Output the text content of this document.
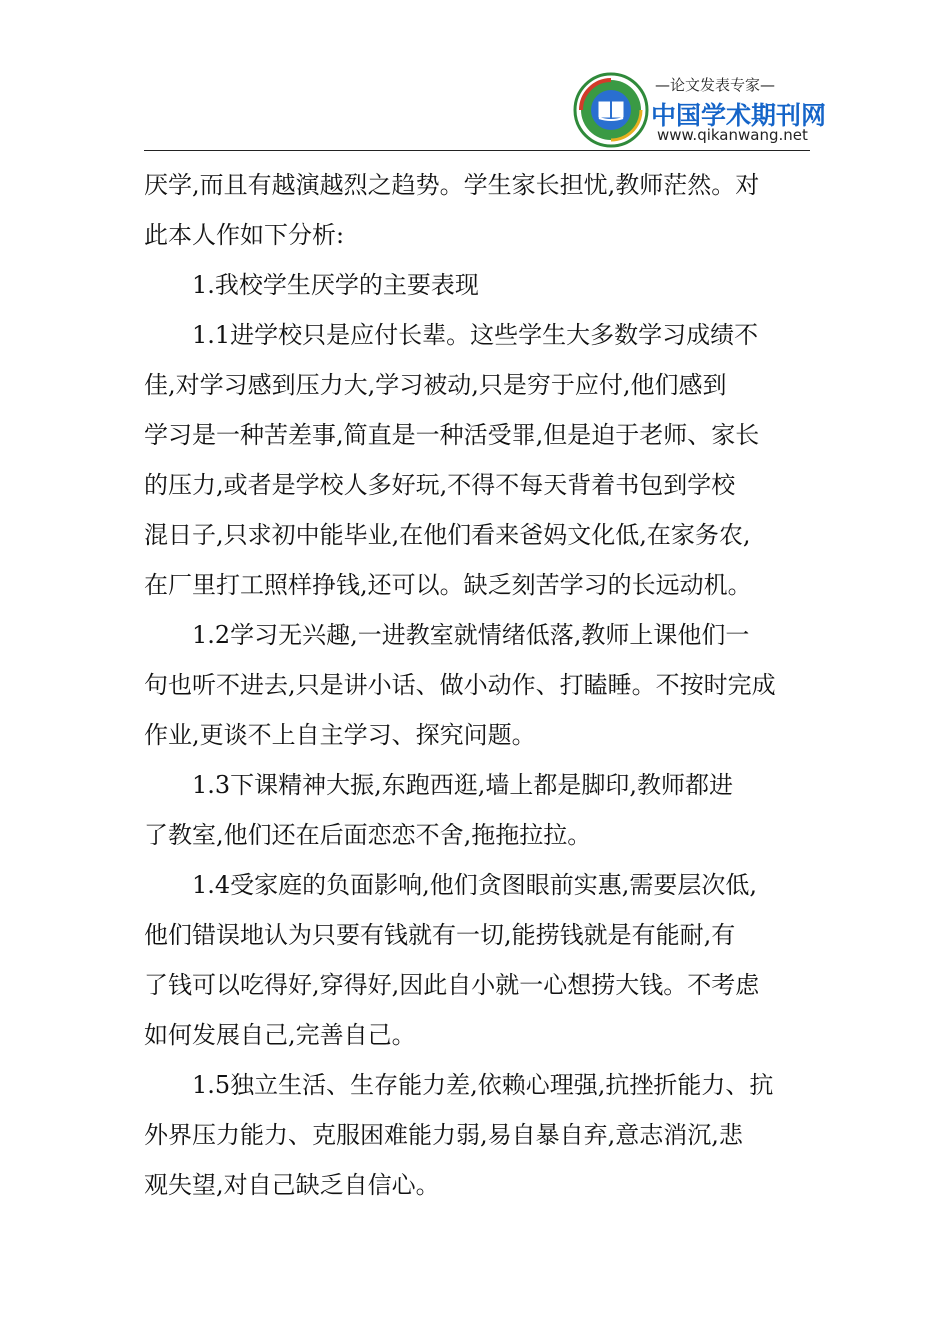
—论文发表专家—
中国学术期刊网
www.qikanwang.net
厌学,而且有越演越烈之趋势。学生家长担忧,教师茫然。对
此本人作如下分析:
1.我校学生厌学的主要表现
1.1进学校只是应付长辈。这些学生大多数学习成绩不
佳,对学习感到压力大,学习被动,只是穷于应付,他们感到
学习是一种苦差事,简直是一种活受罪,但是迫于老师、家长
的压力,或者是学校人多好玩,不得不每天背着书包到学校
混日子,只求初中能毕业,在他们看来爸妈文化低,在家务农,
在厂里打工照样挣钱,还可以。缺乏刻苦学习的长远动机。
1.2学习无兴趣,一进教室就情绪低落,教师上课他们一
句也听不进去,只是讲小话、做小动作、打瞌睡。不按时完成
作业,更谈不上自主学习、探究问题。
1.3下课精神大振,东跑西逛,墙上都是脚印,教师都进
了教室,他们还在后面恋恋不舍,拖拖拉拉。
1.4受家庭的负面影响,他们贪图眼前实惠,需要层次低,
他们错误地认为只要有钱就有一切,能捞钱就是有能耐,有
了钱可以吃得好,穿得好,因此自小就一心想捞大钱。不考虑
如何发展自己,完善自己。
1.5独立生活、生存能力差,依赖心理强,抗挫折能力、抗
外界压力能力、克服困难能力弱,易自暴自弃,意志消沉,悲
观失望,对自己缺乏自信心。
